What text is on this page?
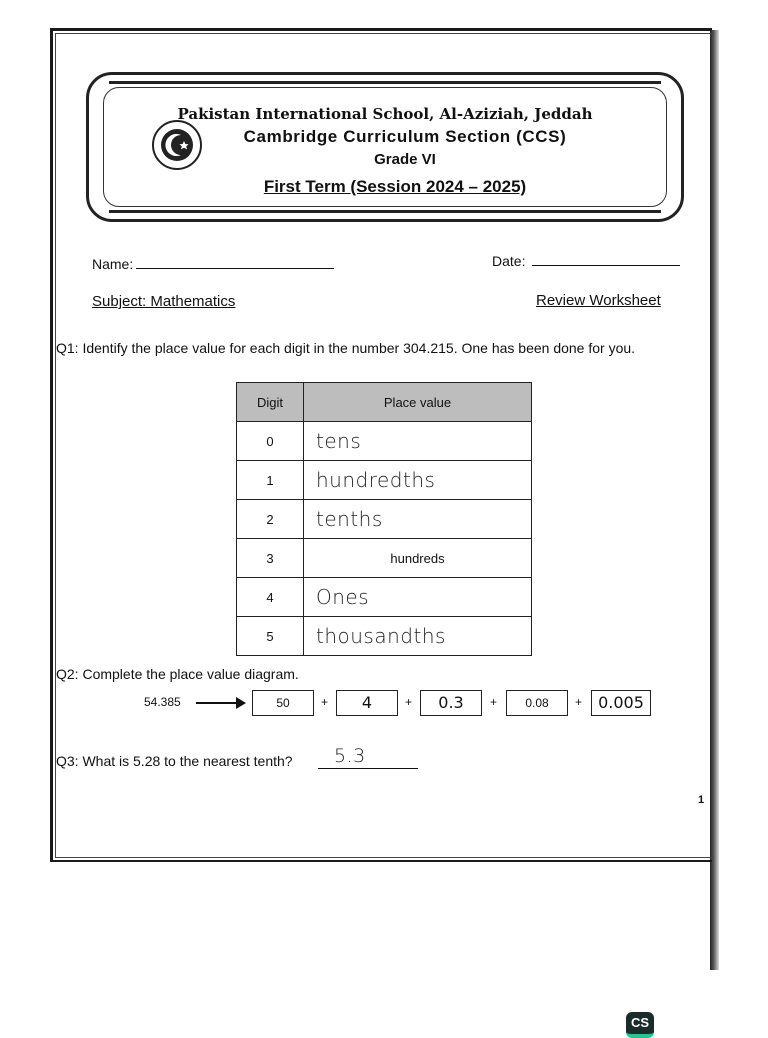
Pakistan International School, Al-Aziziah, Jeddah
Cambridge Curriculum Section (CCS)
Grade VI
First Term (Session 2024 – 2025)
Name:	Date:
Subject: Mathematics	Review Worksheet
Q1: Identify the place value for each digit in the number 304.215. One has been done for you.
Digit	Place value
0	tens
1	hundredths
2	tenths
3	hundreds
4	Ones
5	thousandths
Q2: Complete the place value diagram.
54.385	50	+	4	+	0.3	+	0.08	+	0.005
Q3: What is 5.28 to the nearest tenth? 5.3
1
CS
